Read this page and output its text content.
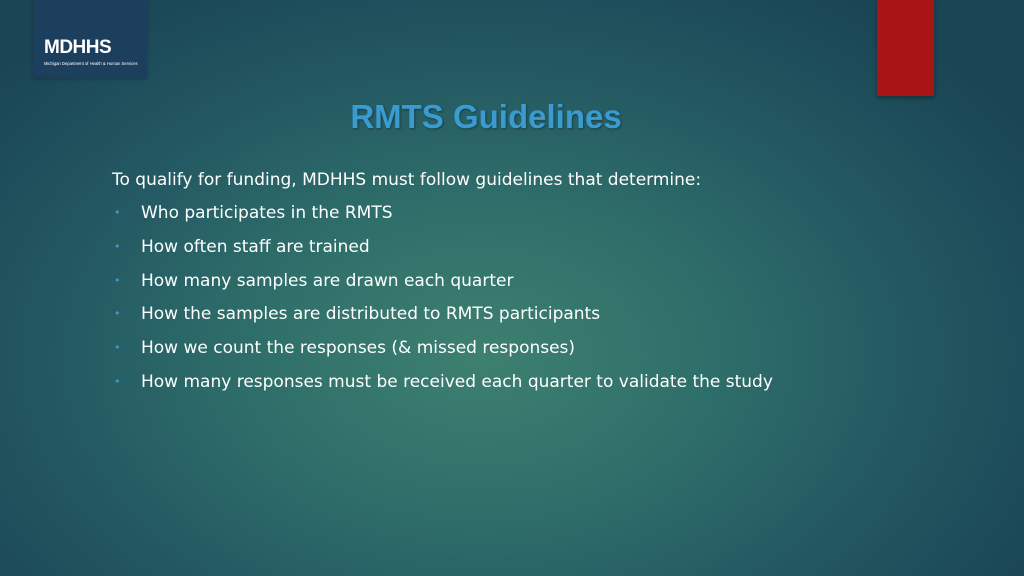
MDHHS
Michigan Department of Health & Human Services
RMTS Guidelines
To qualify for funding, MDHHS must follow guidelines that determine:
• Who participates in the RMTS
• How often staff are trained
• How many samples are drawn each quarter
• How the samples are distributed to RMTS participants
• How we count the responses (& missed responses)
• How many responses must be received each quarter to validate the study
